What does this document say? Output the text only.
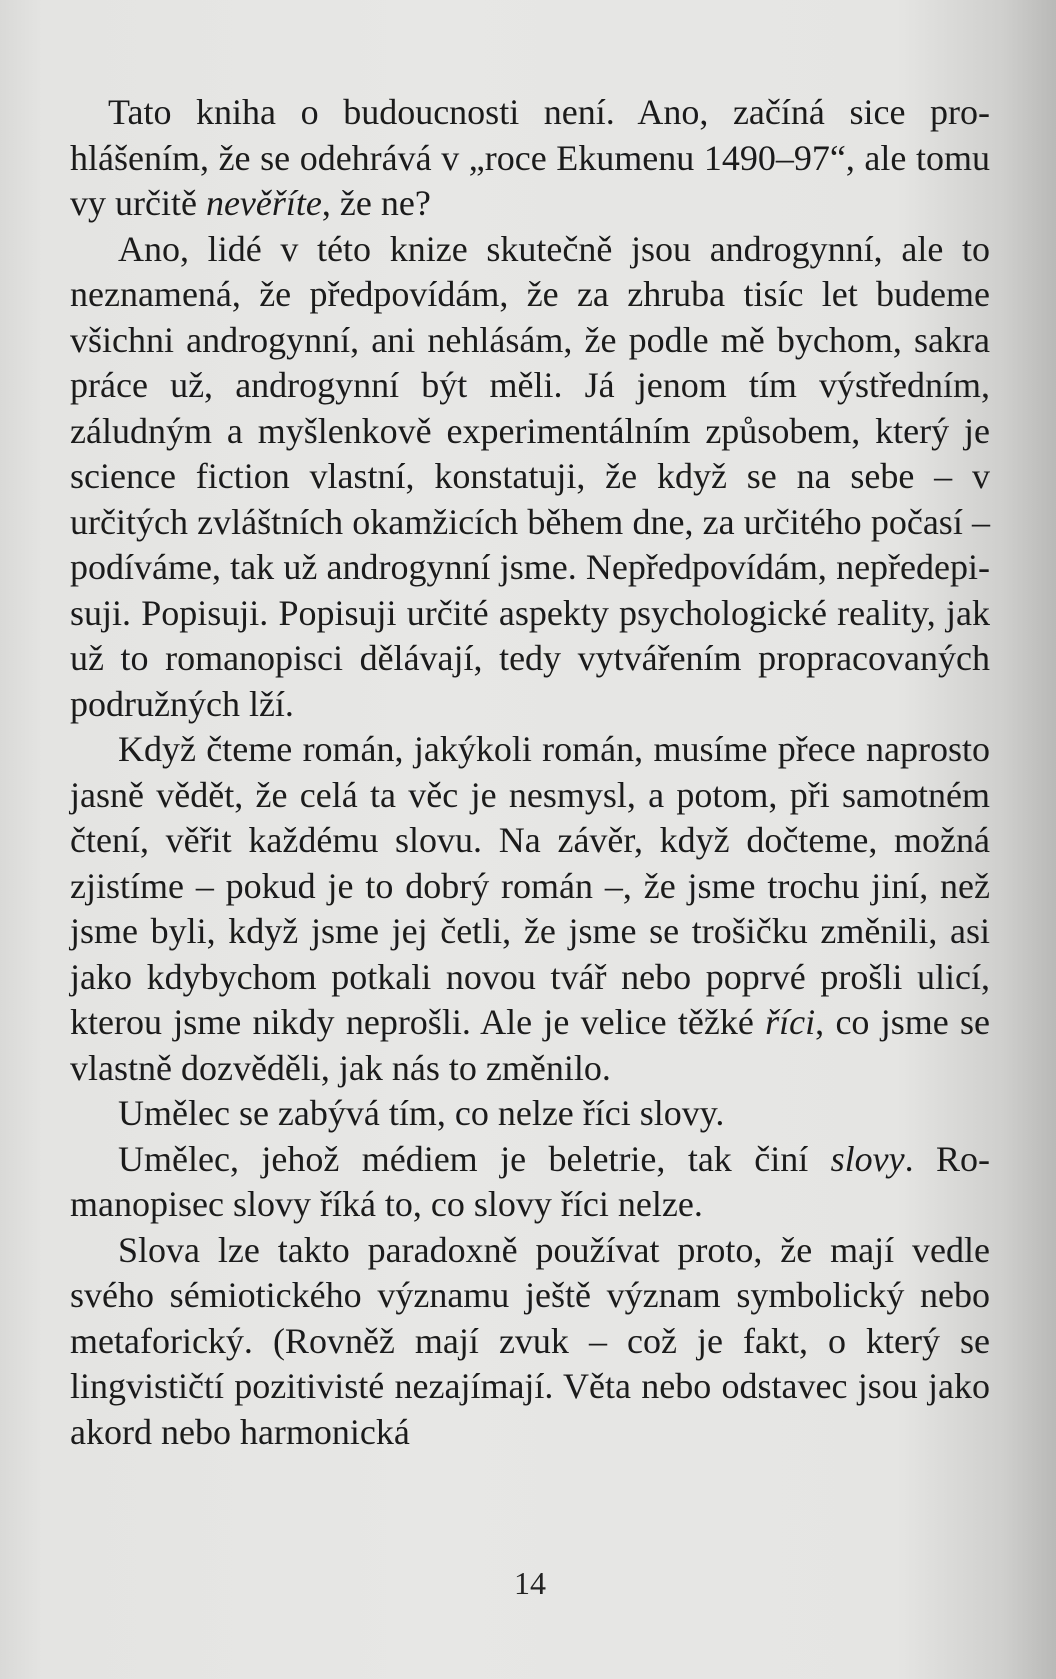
Tato kniha o budoucnosti není. Ano, začíná sice prohlášením, že se odehrává v „roce Ekumenu 1490–97“, ale tomu vy určitě nevěříte, že ne?

Ano, lidé v této knize skutečně jsou androgynní, ale to neznamená, že předpovídám, že za zhruba tisíc let budeme všichni androgynní, ani nehlásám, že podle mě bychom, sakra práce už, androgynní být měli. Já jenom tím výstředním, záludným a myšlenkově experimentálním způsobem, který je science fiction vlastní, konstatuji, že když se na sebe – v určitých zvláštních okamžicích během dne, za určitého počasí – podíváme, tak už androgynní jsme. Nepředpovídám, nepředepisuji. Popisuji. Popisuji určité aspekty psychologické reality, jak už to romanopisci dělávají, tedy vytvářením propracovaných podružných lží.

Když čteme román, jakýkoli román, musíme přece naprosto jasně vědět, že celá ta věc je nesmysl, a potom, při samotném čtení, věřit každému slovu. Na závěr, když dočteme, možná zjistíme – pokud je to dobrý román –, že jsme trochu jiní, než jsme byli, když jsme jej četli, že jsme se trošičku změnili, asi jako kdybychom potkali novou tvář nebo poprvé prošli ulicí, kterou jsme nikdy neprošli. Ale je velice těžké říci, co jsme se vlastně dozvěděli, jak nás to změnilo.

Umělec se zabývá tím, co nelze říci slovy.

Umělec, jehož médiem je beletrie, tak činí slovy. Romanopisec slovy říká to, co slovy říci nelze.

Slova lze takto paradoxně používat proto, že mají vedle svého sémiotického významu ještě význam symbolický nebo metaforický. (Rovněž mají zvuk – což je fakt, o který se lingvističtí pozitivisté nezajímají. Věta nebo odstavec jsou jako akord nebo harmonická

14
